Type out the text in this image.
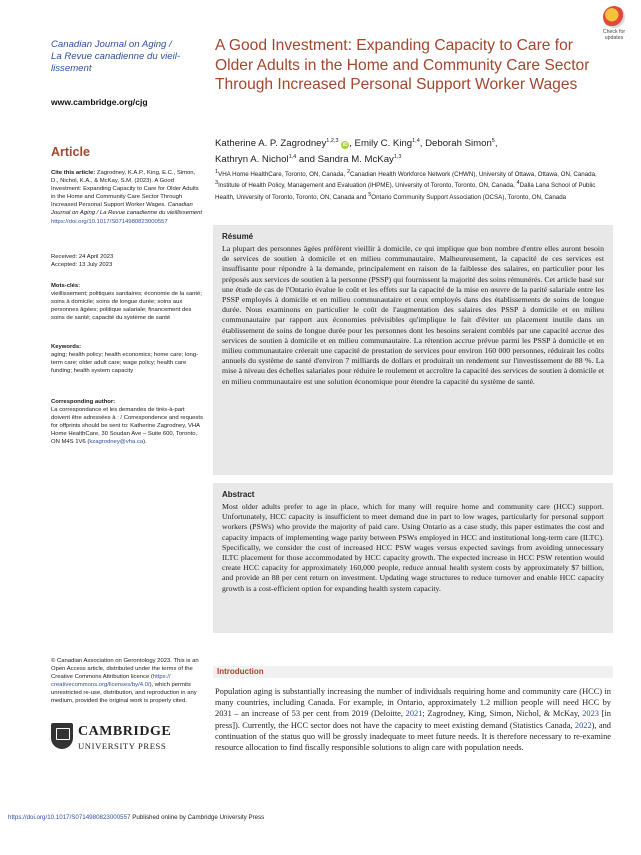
Check for
updates
Canadian Journal on Aging /
La Revue canadienne du vieil- lissement
www.cambridge.org/cjg
Article
Cite this article: Zagrodney, K.A.P., King, E.C., Simon, D., Nichol, K.A., & McKay, S.M. (2023). A Good Investment: Expanding Capacity to Care for Older Adults in the Home and Community Care Sector Through Increased Personal Support Worker Wages. Canadian Journal on Aging / La Revue canadienne du vieillissement https://doi.org/10.1017/S0714980823000557
Received: 24 April 2023
Accepted: 13 July 2023
Mots-clés:
vieillissement; politiques sanitaires; économie de la santé; soins à domicile; soins de longue durée; soins aux personnes âgées; politique salariale; financement des soins de santé; capacité du système de santé
Keywords:
aging; health policy; health economics; home care; long-term care; older adult care; wage policy; health care funding; health system capacity
Corresponding author:
La correspondance et les demandes de tirés-à-part doivent être adressées à : / Correspondence and requests for offprints should be sent to: Katherine Zagrodney, VHA Home HealthCare, 30 Soudan Ave – Suite 600, Toronto, ON M4S 1V6 (kzagrodney@vha.ca).
© Canadian Association on Gerontology 2023. This is an Open Access article, distributed under the terms of the Creative Commons Attribution licence (https:// creativecommons.org/licenses/by/4.0/), which permits unrestricted re-use, distribution, and reproduction in any medium, provided the original work is properly cited.
CAMBRIDGE
UNIVERSITY PRESS
A Good Investment: Expanding Capacity to Care for Older Adults in the Home and Community Care Sector Through Increased Personal Support Worker Wages
Katherine A. P. Zagrodney$^{1,2,3}$ iD , Emily C. King$^{1,4}$, Deborah Simon$^5$,
Kathryn A. Nichol$^{1,4}$ and Sandra M. McKay$^{1,3}$
$^1$VHA Home HealthCare, Toronto, ON, Canada, $^2$Canadian Health Workforce Network (CHWN), University of Ottawa, Ottawa, ON, Canada, $^3$Institute of Health Policy, Management and Evaluation (IHPME), University of Toronto, Toronto, ON, Canada, $^4$Dalla Lana School of Public Health, University of Toronto, Toronto, ON, Canada and $^5$Ontario Community Support Association (OCSA), Toronto, ON, Canada
Résumé
La plupart des personnes âgées préfèrent vieillir à domicile, ce qui implique que bon nombre d'entre elles auront besoin de services de soutien à domicile et en milieu communautaire. Malheureusement, la capacité de ces services est insuffisante pour répondre à la demande, principalement en raison de la faiblesse des salaires, en particulier pour les préposés aux services de soutien à la personne (PSSP) qui fournissent la majorité des soins rémunérés. Cet article basé sur une étude de cas de l'Ontario évalue le coût et les effets sur la capacité de la mise en œuvre de la parité salariale entre les PSSP employés à domicile et en milieu communautaire et ceux employés dans des établissements de soins de longue durée. Nous examinons en particulier le coût de l'augmentation des salaires des PSSP à domicile et en milieu communautaire par rapport aux économies prévisibles qu'implique le fait d'éviter un placement inutile dans un établissement de soins de longue durée pour les personnes dont les besoins seraient comblés par une capacité accrue des services de soutien à domicile et en milieu communautaire. La rétention accrue prévue parmi les PSSP à domicile et en milieu communautaire créerait une capacité de prestation de services pour environ 160 000 personnes, réduirait les coûts annuels du système de santé d'environ 7 milliards de dollars et produirait un rendement sur l'investissement de 88 %. La mise à niveau des échelles salariales pour réduire le roulement et accroître la capacité des services de soutien à domicile et en milieu communautaire est une solution économique pour étendre la capacité du système de santé.
Abstract
Most older adults prefer to age in place, which for many will require home and community care (HCC) support. Unfortunately, HCC capacity is insufficient to meet demand due in part to low wages, particularly for personal support workers (PSWs) who provide the majority of paid care. Using Ontario as a case study, this paper estimates the cost and capacity impacts of implementing wage parity between PSWs employed in HCC and institutional long-term care (ILTC). Specifically, we consider the cost of increased HCC PSW wages versus expected savings from avoiding unnecessary ILTC placement for those accommodated by HCC capacity growth. The expected increase in HCC PSW retention would create HCC capacity for approximately 160,000 people, reduce annual health system costs by approximately $7 billion, and provide an 88 per cent return on investment. Updating wage structures to reduce turnover and enable HCC capacity growth is a cost-efficient option for expanding health system capacity.
Introduction
Population aging is substantially increasing the number of individuals requiring home and community care (HCC) in many countries, including Canada. For example, in Ontario, approximately 1.2 million people will need HCC by 2031 – an increase of 53 per cent from 2019 (Deloitte, 2021; Zagrodney, King, Simon, Nichol, & McKay, 2023 [in press]). Currently, the HCC sector does not have the capacity to meet existing demand (Statistics Canada, 2022), and continuation of the status quo will be grossly inadequate to meet future needs. It is therefore necessary to re-examine resource allocation to find fiscally responsible solutions to align care with population needs.
https://doi.org/10.1017/S0714980823000557 Published online by Cambridge University Press
